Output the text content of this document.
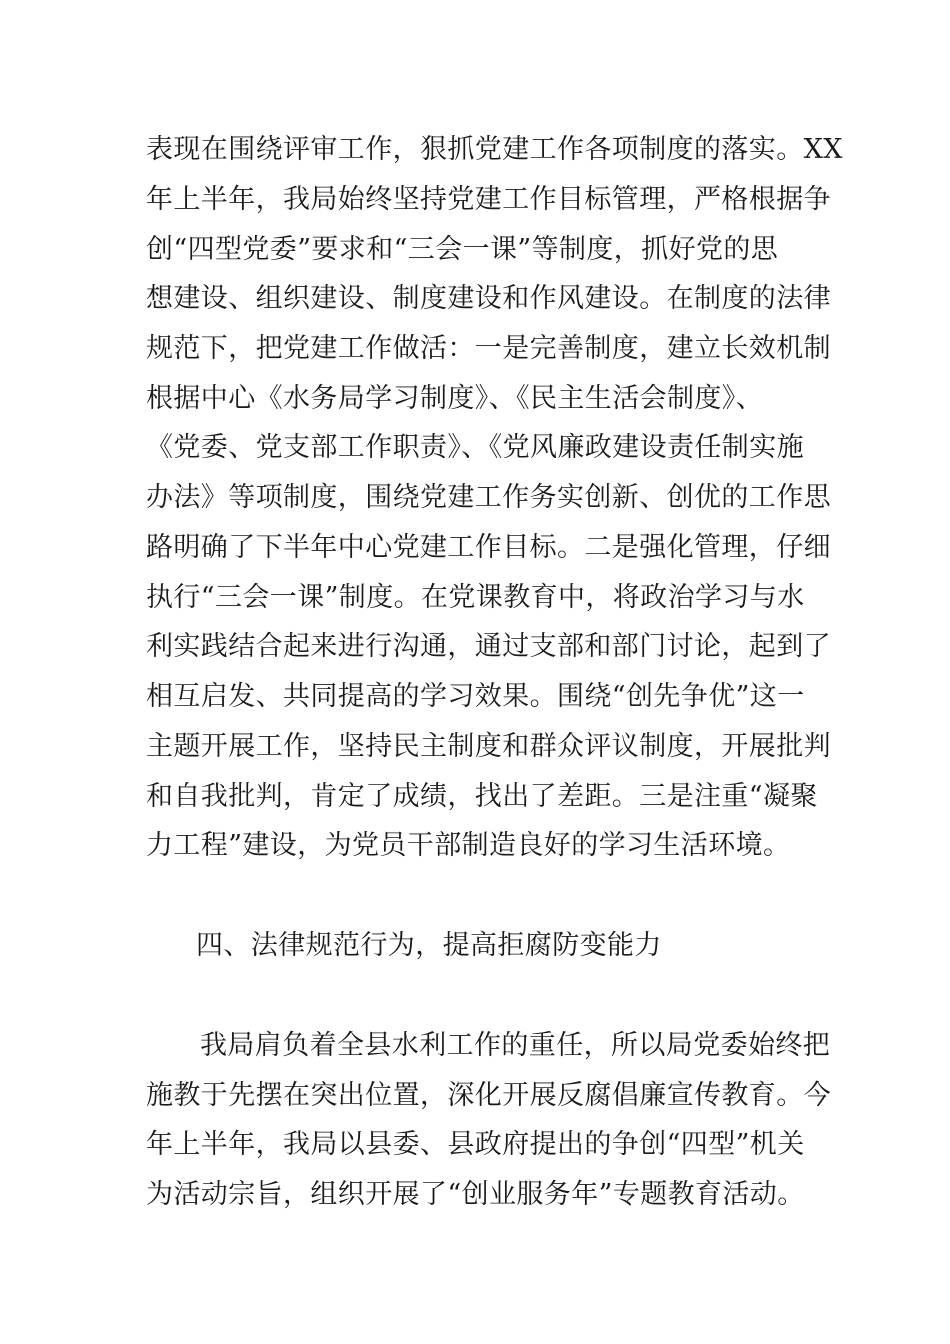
表现在围绕评审工作，狠抓党建工作各项制度的落实。XX
年上半年，我局始终坚持党建工作目标管理，严格根据争
创“四型党委”要求和“三会一课”等制度，抓好党的思
想建设、组织建设、制度建设和作风建设。在制度的法律
规范下，把党建工作做活：一是完善制度，建立长效机制
根据中心《水务局学习制度》、《民主生活会制度》、
《党委、党支部工作职责》、《党风廉政建设责任制实施
办法》等项制度，围绕党建工作务实创新、创优的工作思
路明确了下半年中心党建工作目标。二是强化管理，仔细
执行“三会一课”制度。在党课教育中，将政治学习与水
利实践结合起来进行沟通，通过支部和部门讨论，起到了
相互启发、共同提高的学习效果。围绕“创先争优”这一
主题开展工作，坚持民主制度和群众评议制度，开展批判
和自我批判，肯定了成绩，找出了差距。三是注重“凝聚
力工程”建设，为党员干部制造良好的学习生活环境。
四、法律规范行为，提高拒腐防变能力
我局肩负着全县水利工作的重任，所以局党委始终把
施教于先摆在突出位置，深化开展反腐倡廉宣传教育。今
年上半年，我局以县委、县政府提出的争创“四型”机关
为活动宗旨，组织开展了“创业服务年”专题教育活动。
